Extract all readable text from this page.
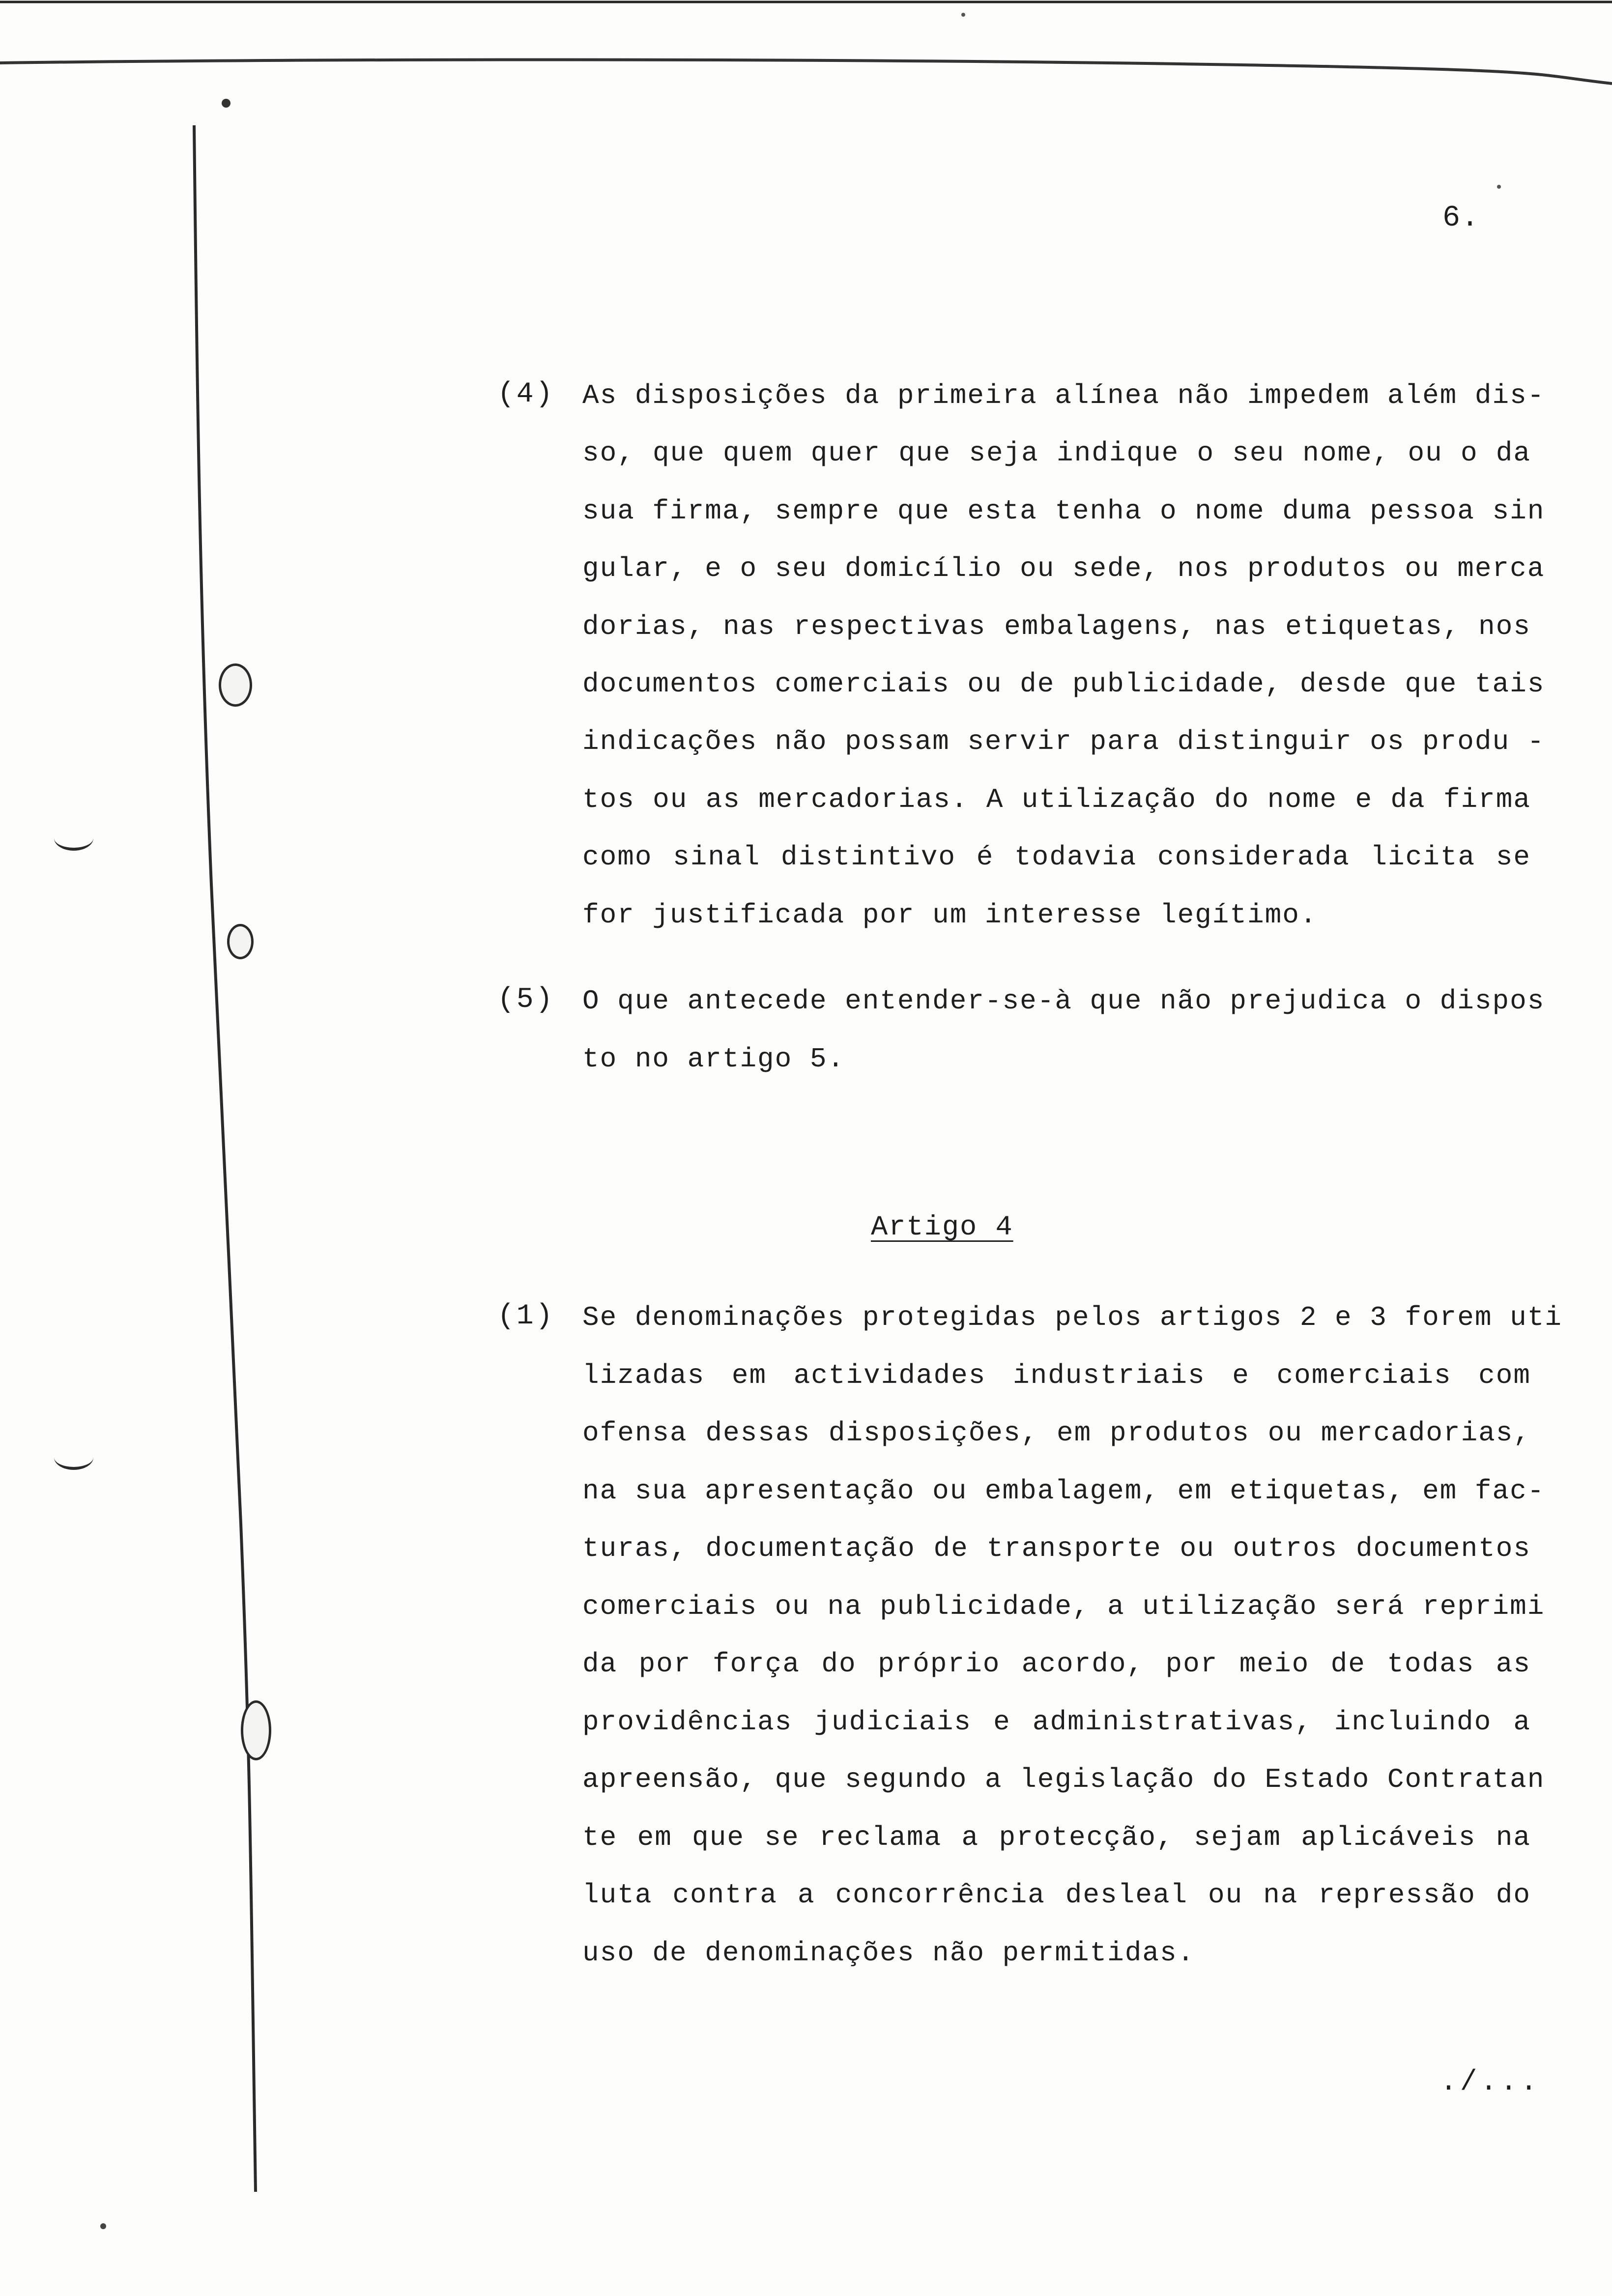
6.
(4) As disposições da primeira alínea não impedem além dis-
so, que quem quer que seja indique o seu nome, ou o da
sua firma, sempre que esta tenha o nome duma pessoa sin
gular, e o seu domicílio ou sede, nos produtos ou merca
dorias, nas respectivas embalagens, nas etiquetas, nos
documentos comerciais ou de publicidade, desde que tais
indicações não possam servir para distinguir os produ -
tos ou as mercadorias. A utilização do nome e da firma
como sinal distintivo é todavia considerada licita se
for justificada por um interesse legítimo.
(5) O que antecede entender-se-à que não prejudica o dispos
to no artigo 5.
Artigo 4
(1) Se denominações protegidas pelos artigos 2 e 3 forem uti
lizadas em actividades industriais e comerciais com
ofensa dessas disposições, em produtos ou mercadorias,
na sua apresentação ou embalagem, em etiquetas, em fac-
turas, documentação de transporte ou outros documentos
comerciais ou na publicidade, a utilização será reprimi
da por força do próprio acordo, por meio de todas as
providências judiciais e administrativas, incluindo a
apreensão, que segundo a legislação do Estado Contratan
te em que se reclama a protecção, sejam aplicáveis na
luta contra a concorrência desleal ou na repressão do
uso de denominações não permitidas.
./...
